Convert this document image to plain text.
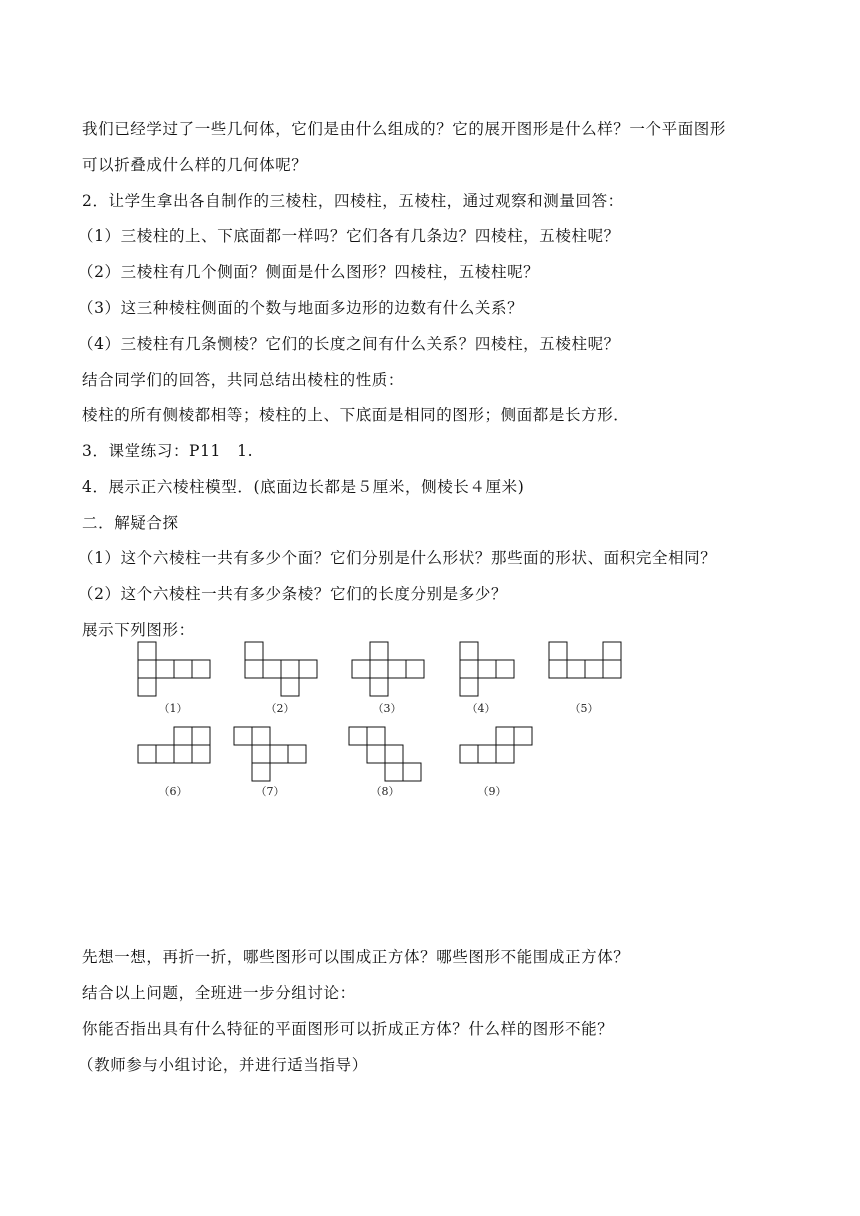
我们已经学过了一些几何体，它们是由什么组成的？它的展开图形是什么样？一个平面图形
可以折叠成什么样的几何体呢？
2．让学生拿出各自制作的三棱柱，四棱柱，五棱柱，通过观察和测量回答：
（1）三棱柱的上、下底面都一样吗？它们各有几条边？四棱柱，五棱柱呢？
（2）三棱柱有几个侧面？侧面是什么图形？四棱柱，五棱柱呢？
（3）这三种棱柱侧面的个数与地面多边形的边数有什么关系？
（4）三棱柱有几条恻棱？它们的长度之间有什么关系？四棱柱，五棱柱呢？
结合同学们的回答，共同总结出棱柱的性质：
棱柱的所有侧棱都相等；棱柱的上、下底面是相同的图形；侧面都是长方形．
3．课堂练习：P11　1.
4．展示正六棱柱模型．(底面边长都是５厘米，侧棱长４厘米)
二．解疑合探
（1）这个六棱柱一共有多少个面？它们分别是什么形状？那些面的形状、面积完全相同？
（2）这个六棱柱一共有多少条棱？它们的长度分别是多少？
展示下列图形：
（1）	（2）	（3）	（4）	（5）
（6）	（7）	（8）	（9）
先想一想，再折一折，哪些图形可以围成正方体？哪些图形不能围成正方体？
结合以上问题，全班进一步分组讨论：
你能否指出具有什么特征的平面图形可以折成正方体？什么样的图形不能？
（教师参与小组讨论，并进行适当指导）
